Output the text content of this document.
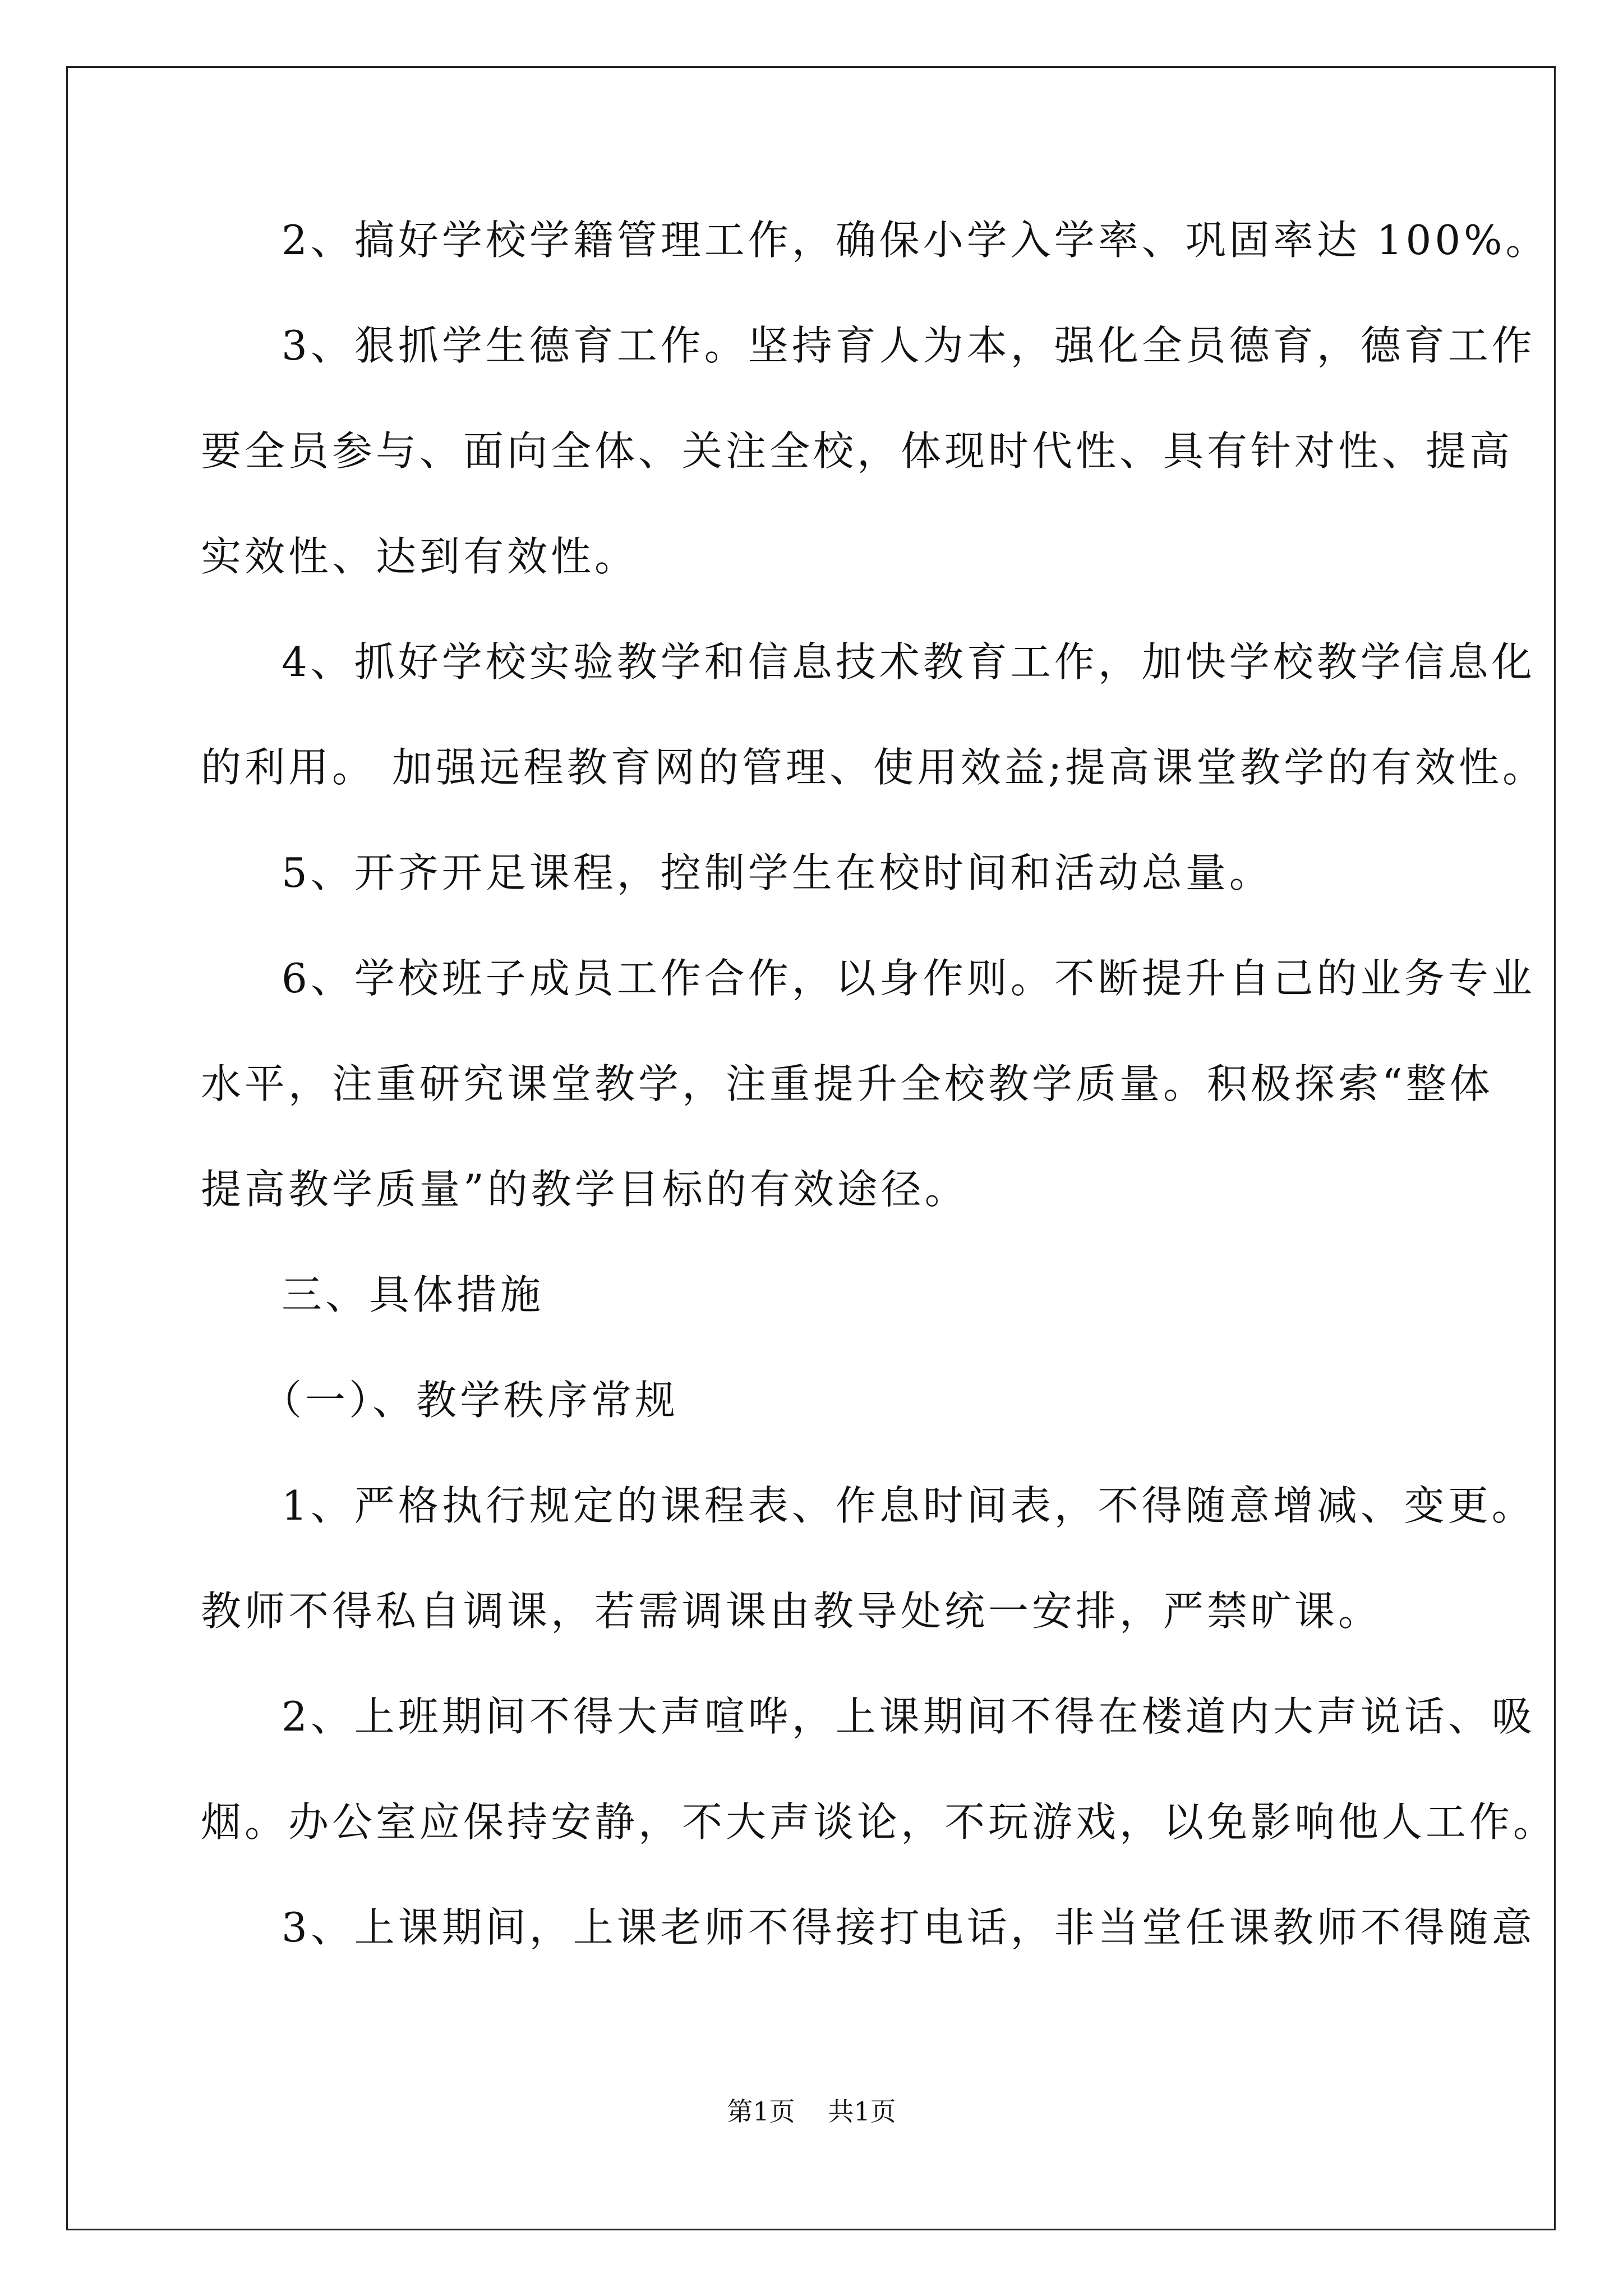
2、搞好学校学籍管理工作，确保小学入学率、巩固率达 100%。

3、狠抓学生德育工作。坚持育人为本，强化全员德育，德育工作

要全员参与、面向全体、关注全校，体现时代性、具有针对性、提高

实效性、达到有效性。

4、抓好学校实验教学和信息技术教育工作，加快学校教学信息化

的利用。 加强远程教育网的管理、使用效益;提高课堂教学的有效性。

5、开齐开足课程，控制学生在校时间和活动总量。

6、学校班子成员工作合作，以身作则。不断提升自己的业务专业

水平，注重研究课堂教学，注重提升全校教学质量。积极探索“整体

提高教学质量”的教学目标的有效途径。

三、具体措施

（一）、教学秩序常规

1、严格执行规定的课程表、作息时间表，不得随意增减、变更。

教师不得私自调课，若需调课由教导处统一安排，严禁旷课。

2、上班期间不得大声喧哗，上课期间不得在楼道内大声说话、吸

烟。办公室应保持安静，不大声谈论，不玩游戏，以免影响他人工作。

3、上课期间，上课老师不得接打电话，非当堂任课教师不得随意

第1页 共1页
